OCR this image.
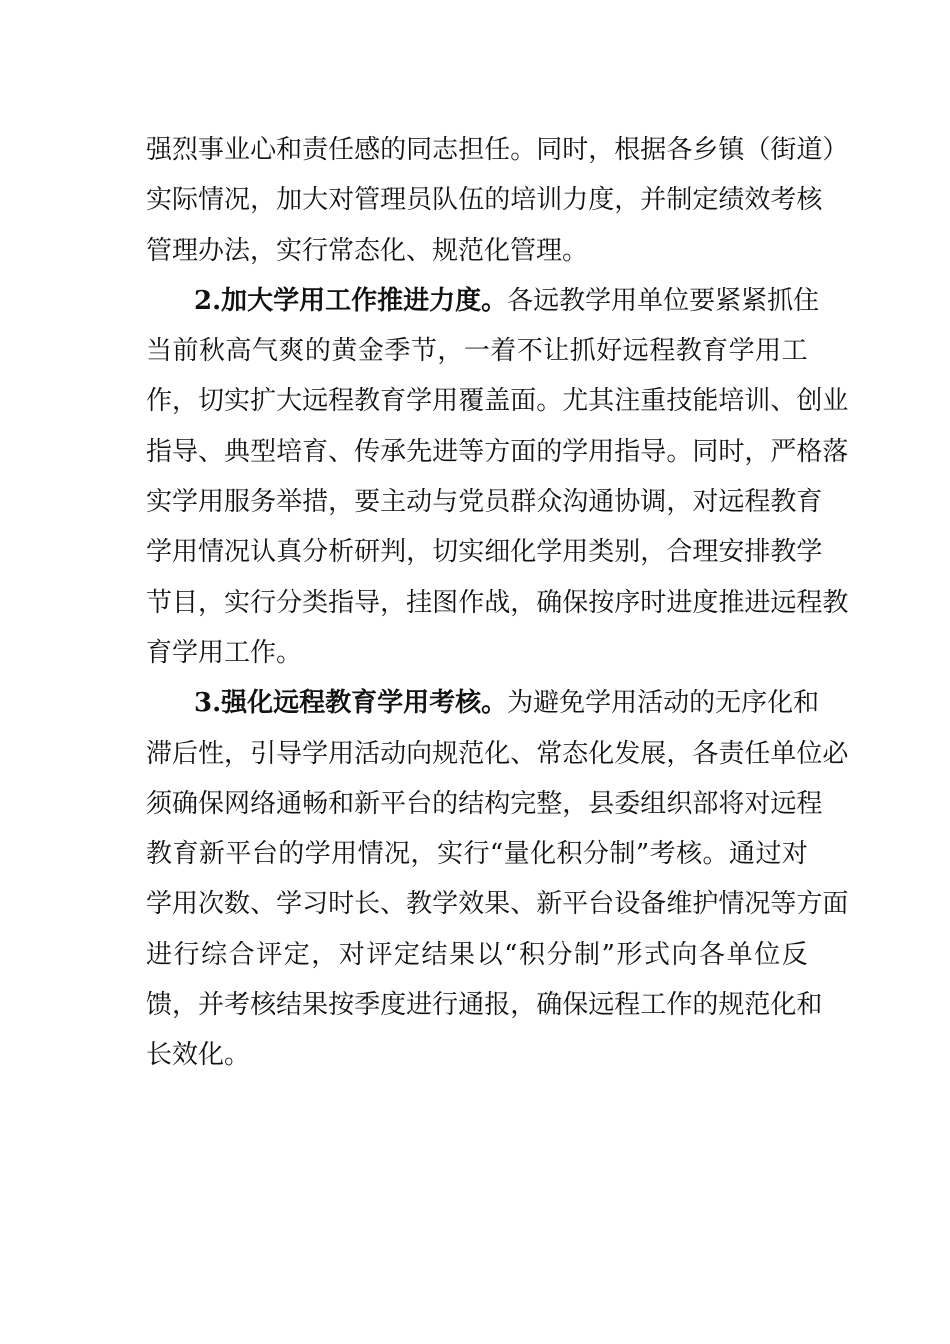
强 烈 事 业 心 和 责 任 感 的 同 志 担 任 。 同 时 ， 根 据 各 乡 镇 （ 街 道 ）
实 际 情 况 ， 加 大 对 管 理 员 队 伍 的 培 训 力 度 ， 并 制 定 绩 效 考 核
管理办法，实行常态化、规范化管理。
2.加大学用工作推进力度。 各远教学用单位要紧紧抓住
当 前 秋 高 气 爽 的 黄 金 季 节 ， 一 着 不 让 抓 好 远 程 教 育 学 用 工
作 ， 切 实 扩 大 远 程 教 育 学 用 覆 盖 面 。 尤 其 注 重 技 能 培 训 、 创 业
指 导 、 典 型 培 育 、 传 承 先 进 等 方 面 的 学 用 指 导 。 同 时 ， 严 格 落
实 学 用 服 务 举 措 ， 要 主 动 与 党 员 群 众 沟 通 协 调 ， 对 远 程 教 育
学 用 情 况 认 真 分 析 研 判 ， 切 实 细 化 学 用 类 别 ， 合 理 安 排 教 学
节 目 ， 实 行 分 类 指 导 ， 挂 图 作 战 ， 确 保 按 序 时 进 度 推 进 远 程 教
育学用工作。
3.强化远程教育学用考核。 为避免学用活动的无序化和
滞 后 性 ， 引 导 学 用 活 动 向 规 范 化 、 常 态 化 发 展 ， 各 责 任 单 位 必
须 确 保 网 络 通 畅 和 新 平 台 的 结 构 完 整 ， 县 委 组 织 部 将 对 远 程
教 育 新 平 台 的 学 用 情 况 ， 实 行 “ 量 化 积 分 制 ” 考 核 。 通 过 对
学 用 次 数 、 学 习 时 长 、 教 学 效 果 、 新 平 台 设 备 维 护 情 况 等 方 面
进 行 综 合 评 定 ， 对 评 定 结 果 以 “ 积 分 制 ” 形 式 向 各 单 位 反
馈 ， 并 考 核 结 果 按 季 度 进 行 通 报 ， 确 保 远 程 工 作 的 规 范 化 和
长效化。
